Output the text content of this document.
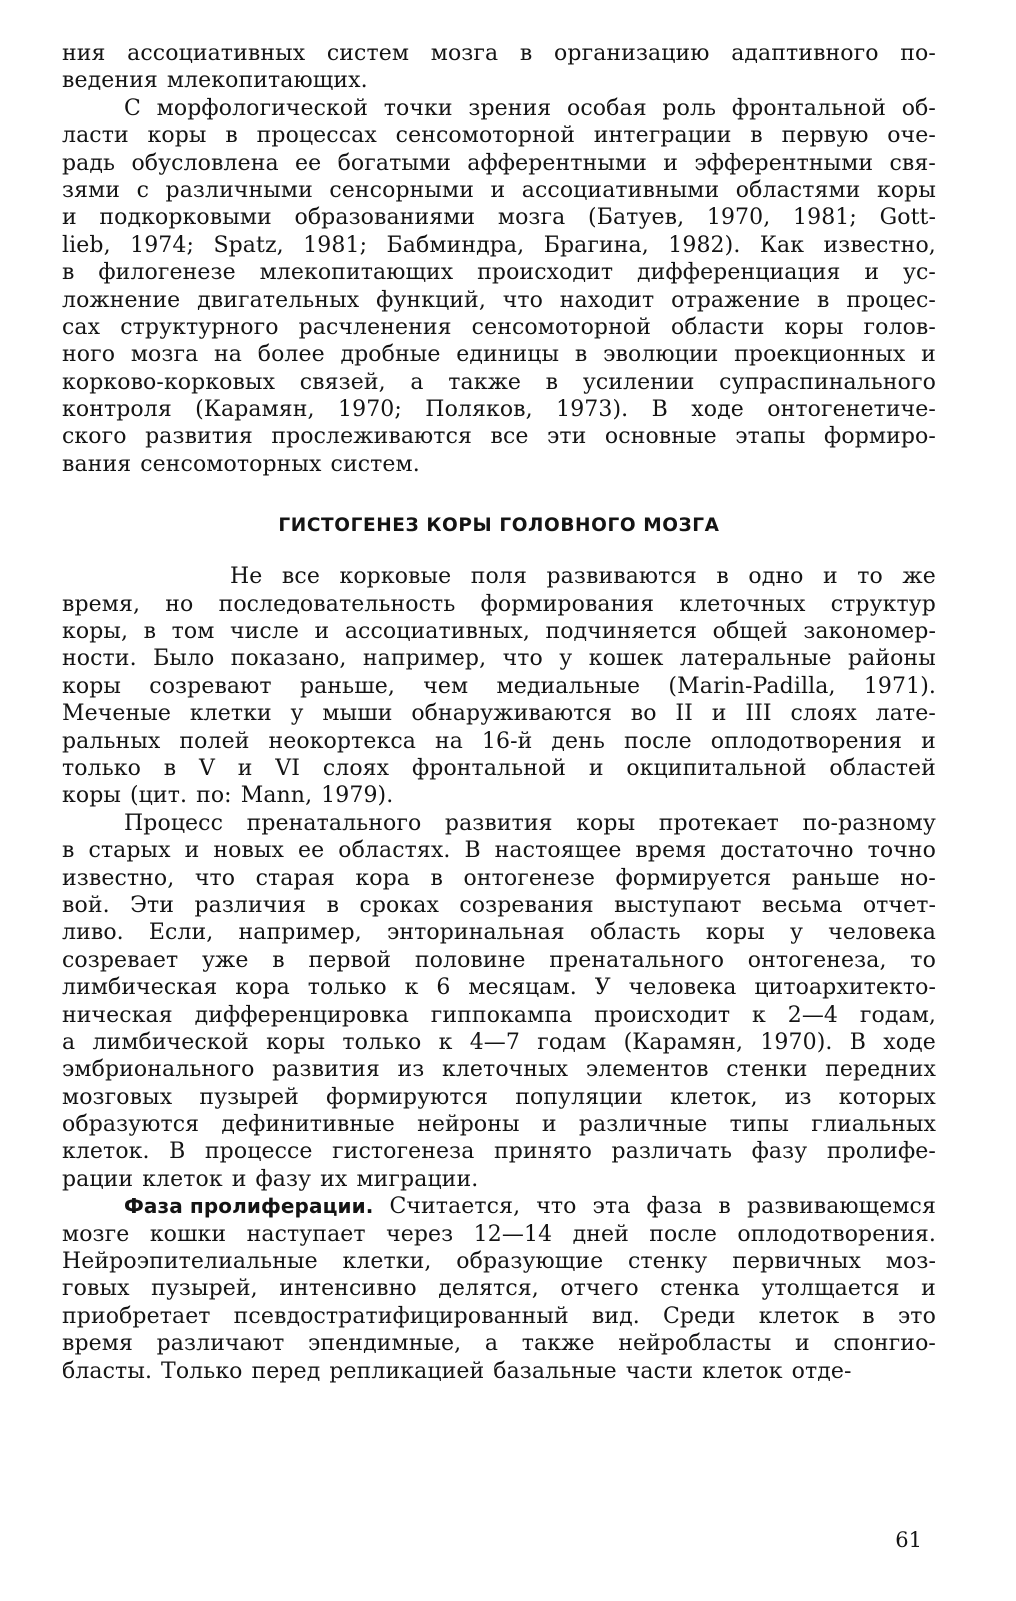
ния ассоциативных систем мозга в организацию адаптивного по-
ведения млекопитающих.
С морфологической точки зрения особая роль фронтальной об-
ласти коры в процессах сенсомоторной интеграции в первую оче-
радь обусловлена ее богатыми афферентными и эфферентными свя-
зями с различными сенсорными и ассоциативными областями коры
и подкорковыми образованиями мозга (Батуев, 1970, 1981; Gott-
lieb, 1974; Spatz, 1981; Бабминдра, Брагина, 1982). Как известно,
в филогенезе млекопитающих происходит дифференциация и ус-
ложнение двигательных функций, что находит отражение в процес-
сах структурного расчленения сенсомоторной области коры голов-
ного мозга на более дробные единицы в эволюции проекционных и
корково-корковых связей, а также в усилении супраспинального
контроля (Карамян, 1970; Поляков, 1973). В ходе онтогенетиче-
ского развития прослеживаются все эти основные этапы формиро-
вания сенсомоторных систем.
ГИСТОГЕНЕЗ КОРЫ ГОЛОВНОГО МОЗГА
Не все корковые поля развиваются в одно и то же
время, но последовательность формирования клеточных структур
коры, в том числе и ассоциативных, подчиняется общей закономер-
ности. Было показано, например, что у кошек латеральные районы
коры созревают раньше, чем медиальные (Marin-Padilla, 1971).
Меченые клетки у мыши обнаруживаются во II и III слоях лате-
ральных полей неокортекса на 16-й день после оплодотворения и
только в V и VI слоях фронтальной и окципитальной областей
коры (цит. по: Mann, 1979).
Процесс пренатального развития коры протекает по-разному
в старых и новых ее областях. В настоящее время достаточно точно
известно, что старая кора в онтогенезе формируется раньше но-
вой. Эти различия в сроках созревания выступают весьма отчет-
ливо. Если, например, энторинальная область коры у человека
созревает уже в первой половине пренатального онтогенеза, то
лимбическая кора только к 6 месяцам. У человека цитоархитекто-
ническая дифференцировка гиппокампа происходит к 2—4 годам,
а лимбической коры только к 4—7 годам (Карамян, 1970). В ходе
эмбрионального развития из клеточных элементов стенки передних
мозговых пузырей формируются популяции клеток, из которых
образуются дефинитивные нейроны и различные типы глиальных
клеток. В процессе гистогенеза принято различать фазу пролифе-
рации клеток и фазу их миграции.
Фаза пролиферации. Считается, что эта фаза в развивающемся
мозге кошки наступает через 12—14 дней после оплодотворения.
Нейроэпителиальные клетки, образующие стенку первичных моз-
говых пузырей, интенсивно делятся, отчего стенка утолщается и
приобретает псевдостратифицированный вид. Среди клеток в это
время различают эпендимные, а также нейробласты и спонгио-
бласты. Только перед репликацией базальные части клеток отде-
61
